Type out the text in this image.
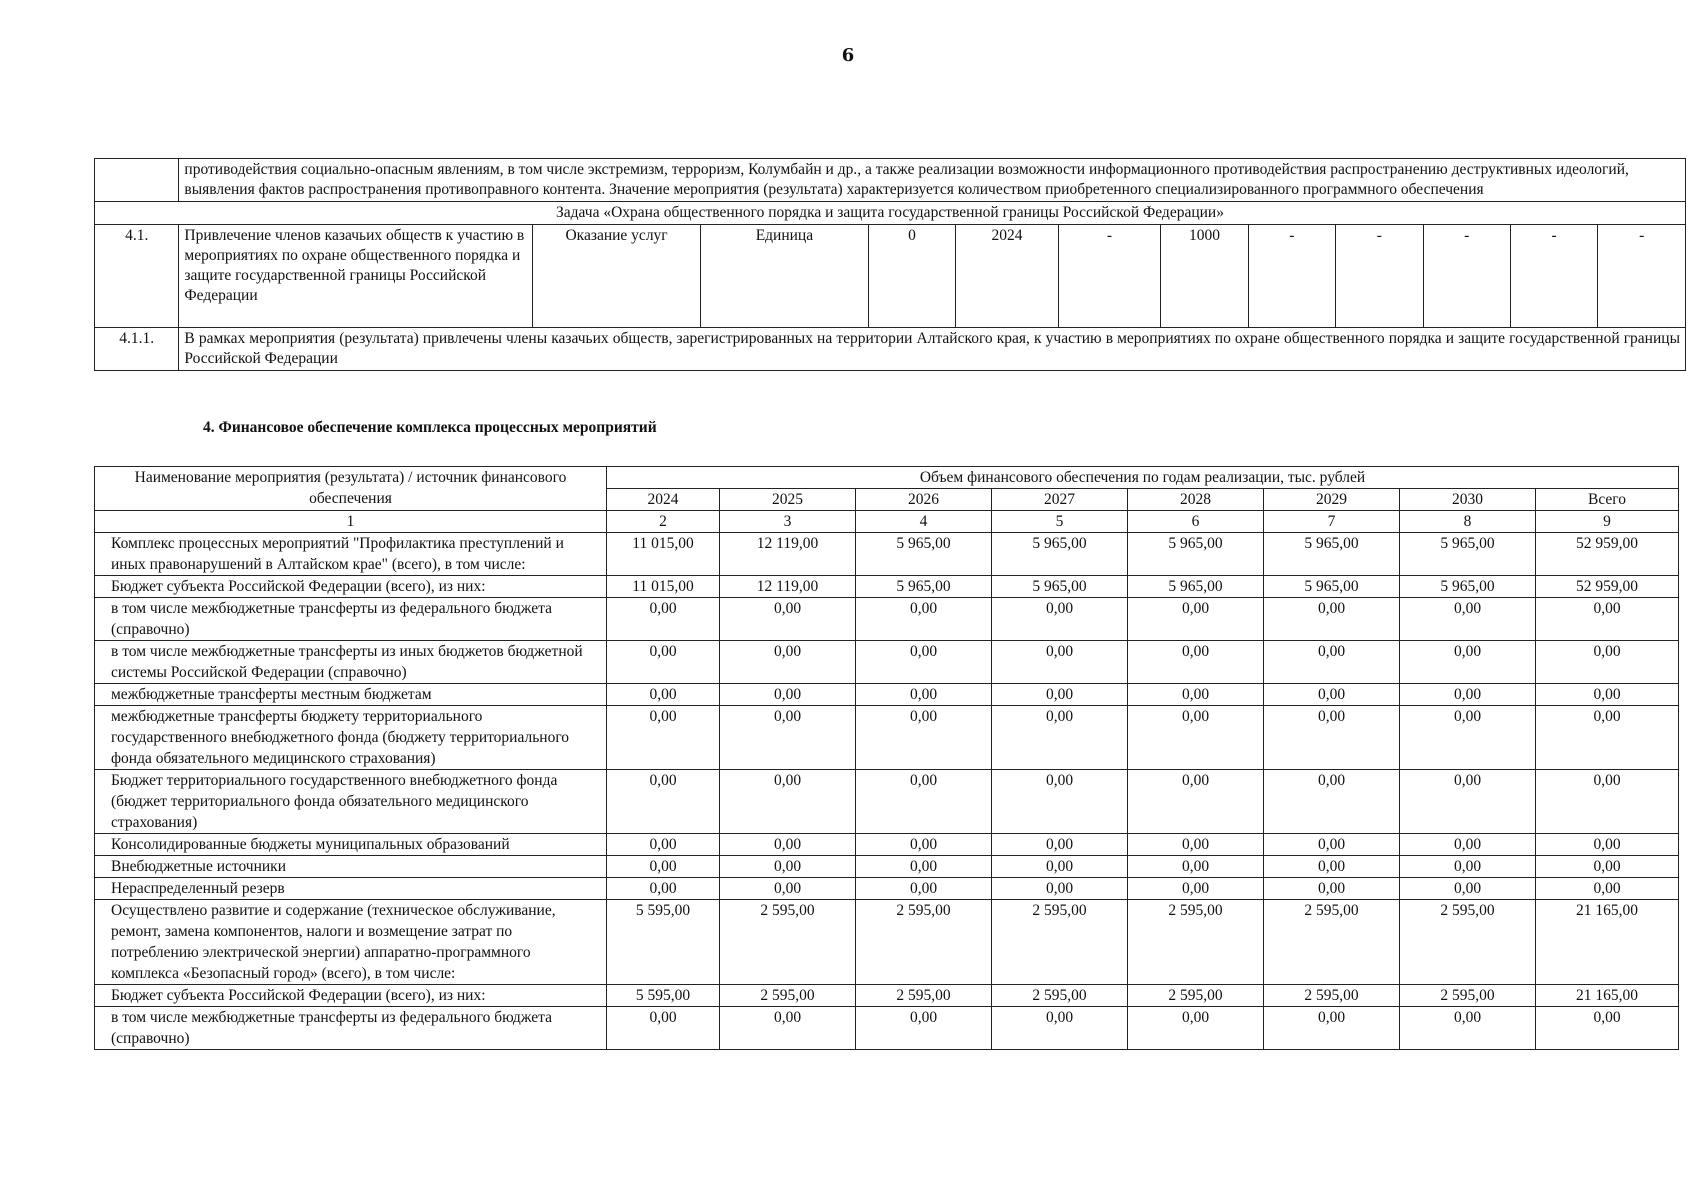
6
	противодействия социально-опасным явлениям, в том числе экстремизм, терроризм, Колумбайн и др., а также реализации возможности информационного противодействия распространению деструктивных идеологий, выявления фактов распространения противоправного контента. Значение мероприятия (результата) характеризуется количеством приобретенного специализированного программного обеспечения											
Задача «Охрана общественного порядка и защита государственной границы Российской Федерации»												
4.1.	Привлечение членов казачьих обществ к участию в мероприятиях по охране общественного порядка и защите государственной границы Российской Федерации	Оказание услуг	Единица	0	2024	-	1000	-	-	-	-	-
4.1.1.	В рамках мероприятия (результата) привлечены члены казачьих обществ, зарегистрированных на территории Алтайского края, к участию в мероприятиях по охране общественного порядка и защите государственной границы Российской Федерации											
4. Финансовое обеспечение комплекса процессных мероприятий
Наименование мероприятия (результата) / источник финансового обеспечения	Объем финансового обеспечения по годам реализации, тыс. рублей							
	2024	2025	2026	2027	2028	2029	2030	Всего
1	2	3	4	5	6	7	8	9
Комплекс процессных мероприятий "Профилактика преступлений и иных правонарушений в Алтайском крае" (всего), в том числе:	11 015,00	12 119,00	5 965,00	5 965,00	5 965,00	5 965,00	5 965,00	52 959,00
Бюджет субъекта Российской Федерации (всего), из них:	11 015,00	12 119,00	5 965,00	5 965,00	5 965,00	5 965,00	5 965,00	52 959,00
в том числе межбюджетные трансферты из федерального бюджета (справочно)	0,00	0,00	0,00	0,00	0,00	0,00	0,00	0,00
в том числе межбюджетные трансферты из иных бюджетов бюджетной системы Российской Федерации (справочно)	0,00	0,00	0,00	0,00	0,00	0,00	0,00	0,00
межбюджетные трансферты местным бюджетам	0,00	0,00	0,00	0,00	0,00	0,00	0,00	0,00
межбюджетные трансферты бюджету территориального государственного внебюджетного фонда (бюджету территориального фонда обязательного медицинского страхования)	0,00	0,00	0,00	0,00	0,00	0,00	0,00	0,00
Бюджет территориального государственного внебюджетного фонда (бюджет территориального фонда обязательного медицинского страхования)	0,00	0,00	0,00	0,00	0,00	0,00	0,00	0,00
Консолидированные бюджеты муниципальных образований	0,00	0,00	0,00	0,00	0,00	0,00	0,00	0,00
Внебюджетные источники	0,00	0,00	0,00	0,00	0,00	0,00	0,00	0,00
Нераспределенный резерв	0,00	0,00	0,00	0,00	0,00	0,00	0,00	0,00
Осуществлено развитие и содержание (техническое обслуживание, ремонт, замена компонентов, налоги и возмещение затрат по потреблению электрической энергии) аппаратно-программного комплекса «Безопасный город» (всего), в том числе:	5 595,00	2 595,00	2 595,00	2 595,00	2 595,00	2 595,00	2 595,00	21 165,00
Бюджет субъекта Российской Федерации (всего), из них:	5 595,00	2 595,00	2 595,00	2 595,00	2 595,00	2 595,00	2 595,00	21 165,00
в том числе межбюджетные трансферты из федерального бюджета (справочно)	0,00	0,00	0,00	0,00	0,00	0,00	0,00	0,00
